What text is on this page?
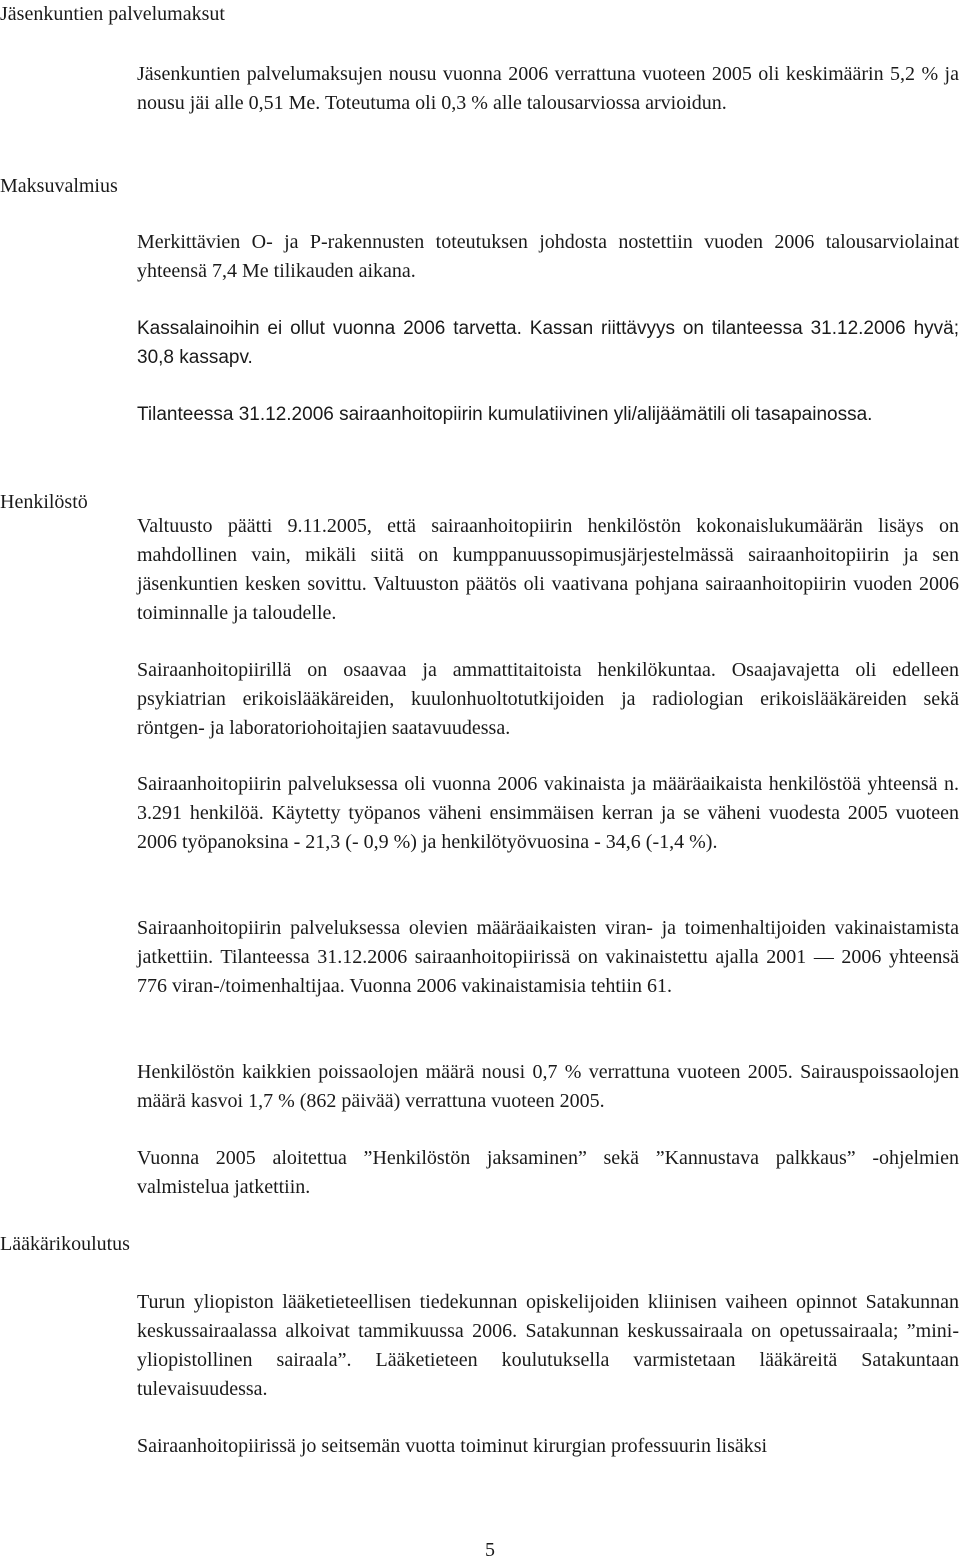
Jäsenkuntien palvelumaksut
Maksuvalmius
Henkilöstö
Lääkärikoulutus

Jäsenkuntien palvelumaksujen nousu vuonna 2006 verrattuna vuoteen 2005 oli keskimäärin 5,2 % ja nousu jäi alle 0,51 Me. Toteutuma oli 0,3 % alle talousarviossa arvioidun.

Merkittävien O- ja P-rakennusten toteutuksen johdosta nostettiin vuoden 2006 talousarviolainat yhteensä 7,4 Me tilikauden aikana.

Kassalainoihin ei ollut vuonna 2006 tarvetta. Kassan riittävyys on tilanteessa 31.12.2006 hyvä; 30,8 kassapv.

Tilanteessa 31.12.2006 sairaanhoitopiirin kumulatiivinen yli/alijäämätili oli tasapainossa.

Valtuusto päätti 9.11.2005, että sairaanhoitopiirin henkilöstön kokonaislukumäärän lisäys on mahdollinen vain, mikäli siitä on kumppanuussopimusjärjestelmässä sairaanhoitopiirin ja sen jäsenkuntien kesken sovittu. Valtuuston päätös oli vaativana pohjana sairaanhoitopiirin vuoden 2006 toiminnalle ja taloudelle.

Sairaanhoitopiirillä on osaavaa ja ammattitaitoista henkilökuntaa. Osaajavajetta oli edelleen psykiatrian erikoislääkäreiden, kuulonhuoltotutkijoiden ja radiologian erikoislääkäreiden sekä röntgen- ja laboratoriohoitajien saatavuudessa.

Sairaanhoitopiirin palveluksessa oli vuonna 2006 vakinaista ja määräaikaista henkilöstöä yhteensä n. 3.291 henkilöä. Käytetty työpanos väheni ensimmäisen kerran ja se väheni vuodesta 2005 vuoteen 2006 työpanoksina - 21,3 (- 0,9 %) ja henkilötyövuosina - 34,6 (-1,4 %).

Sairaanhoitopiirin palveluksessa olevien määräaikaisten viran- ja toimenhaltijoiden vakinaistamista jatkettiin. Tilanteessa 31.12.2006 sairaanhoitopiirissä on vakinaistettu ajalla 2001 — 2006 yhteensä 776 viran-/toimenhaltijaa. Vuonna 2006 vakinaistamisia tehtiin 61.

Henkilöstön kaikkien poissaolojen määrä nousi 0,7 % verrattuna vuoteen 2005. Sairauspoissaolojen määrä kasvoi 1,7 % (862 päivää) verrattuna vuoteen 2005.

Vuonna 2005 aloitettua ”Henkilöstön jaksaminen” sekä ”Kannustava palkkaus” -ohjelmien valmistelua jatkettiin.

Turun yliopiston lääketieteellisen tiedekunnan opiskelijoiden kliinisen vaiheen opinnot Satakunnan keskussairaalassa alkoivat tammikuussa 2006. Satakunnan keskussairaala on opetussairaala; ”mini-yliopistollinen sairaala”. Lääketieteen koulutuksella varmistetaan lääkäreitä Satakuntaan tulevaisuudessa.

Sairaanhoitopiirissä jo seitsemän vuotta toiminut kirurgian professuurin lisäksi

5
